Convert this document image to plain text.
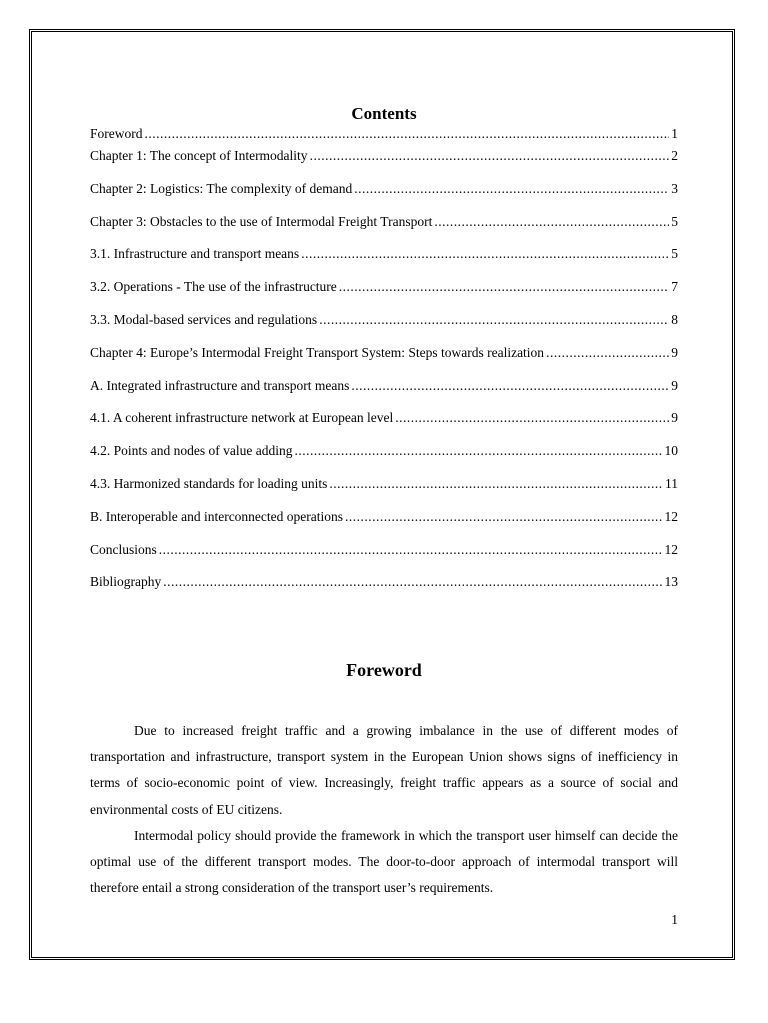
Contents
Foreword .....	1
Chapter 1: The concept of Intermodality .....	2
Chapter 2: Logistics: The complexity of demand .....	3
Chapter 3: Obstacles to the use of Intermodal Freight Transport .....	5
3.1. Infrastructure and transport means .....	5
3.2. Operations - The use of the infrastructure .....	7
3.3. Modal-based services and regulations .....	8
Chapter 4: Europe’s Intermodal Freight Transport System: Steps towards realization .....	9
A. Integrated infrastructure and transport means .....	9
4.1. A coherent infrastructure network at European level .....	9
4.2. Points and nodes of value adding .....	10
4.3. Harmonized standards for loading units .....	11
B. Interoperable and interconnected operations .....	12
Conclusions .....	12
Bibliography .....	13
Foreword

Due to increased freight traffic and a growing imbalance in the use of different modes of transportation and infrastructure, transport system in the European Union shows signs of inefficiency in terms of socio-economic point of view. Increasingly, freight traffic appears as a source of social and environmental costs of EU citizens.

Intermodal policy should provide the framework in which the transport user himself can decide the optimal use of the different transport modes. The door-to-door approach of intermodal transport will therefore entail a strong consideration of the transport user’s requirements.

1
